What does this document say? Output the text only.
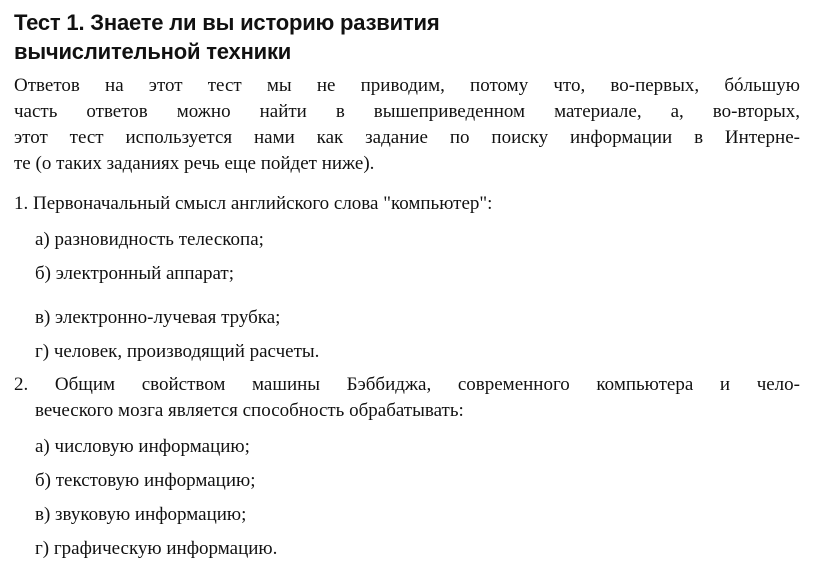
Тест 1. Знаете ли вы историю развития
вычислительной техники
Ответов на этот тест мы не приводим, потому что, во-первых, бóльшую
часть ответов можно найти в вышеприведенном материале, а, во-вторых,
этот тест используется нами как задание по поиску информации в Интерне-
те (о таких заданиях речь еще пойдет ниже).
1. Первоначальный смысл английского слова "компьютер":
а) разновидность телескопа;
б) электронный аппарат;
в) электронно-лучевая трубка;
г) человек, производящий расчеты.
2. Общим свойством машины Бэббиджа, современного компьютера и чело-
веческого мозга является способность обрабатывать:
а) числовую информацию;
б) текстовую информацию;
в) звуковую информацию;
г) графическую информацию.
